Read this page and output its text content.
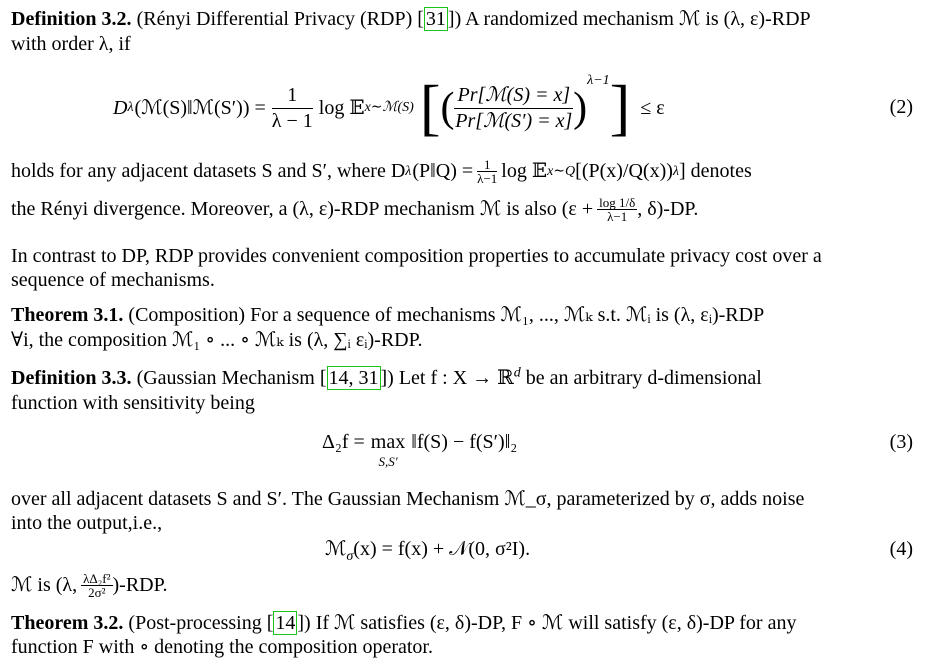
Definition 3.2. (Rényi Differential Privacy (RDP) [ 31 ]) A randomized mechanism ℳ is (λ, ε)-RDP
with order λ, if
D λ (ℳ(S)‖ℳ(S′)) = $\frac{1}{\lambda - 1}$ log 𝔼 x∼ℳ(S) [ ( $\frac{\text{Pr[ℳ(S) = x]}}{\text{Pr[ℳ(S′) = x]}}$ )
λ−1 ] ≤ ε	(2)
holds for any adjacent datasets S and S′, where D λ (P‖Q) = $\frac{1}{\lambda-1}$ log 𝔼 x∼Q [(P(x)/Q(x)) λ ] denotes
the Rényi divergence. Moreover, a (λ, ε)-RDP mechanism ℳ is also ($\varepsilon + \frac{\log 1/\delta}{\lambda-1}$ , δ)-DP.
In contrast to DP, RDP provides convenient composition properties to accumulate privacy cost over a
sequence of mechanisms.
Theorem 3.1. (Composition) For a sequence of mechanisms ℳ₁, ..., ℳₖ s.t. ℳᵢ is (λ, εᵢ)-RDP
∀i, the composition ℳ₁ ∘ ... ∘ ℳₖ is (λ, ∑ᵢ εᵢ)-RDP.
Definition 3.3. (Gaussian Mechanism [ 14, 31 ]) Let f : X → ℝ$^d$ be an arbitrary d-dimensional
function with sensitivity being
Δ₂f = max
S,S′
‖f(S) − f(S′)‖₂	(3)
over all adjacent datasets S and S′. The Gaussian Mechanism ℳ_σ, parameterized by σ, adds noise
into the output,i.e.,
ℳ$_\sigma$(x) = f(x) + 𝒩(0, σ²I).	(4)
ℳ is (λ, λΔ₂f²
2σ² )-RDP.
Theorem 3.2. (Post-processing [ 14 ]) If ℳ satisfies (ε, δ)-DP, F ∘ ℳ will satisfy (ε, δ)-DP for any
function F with ∘ denoting the composition operator.
